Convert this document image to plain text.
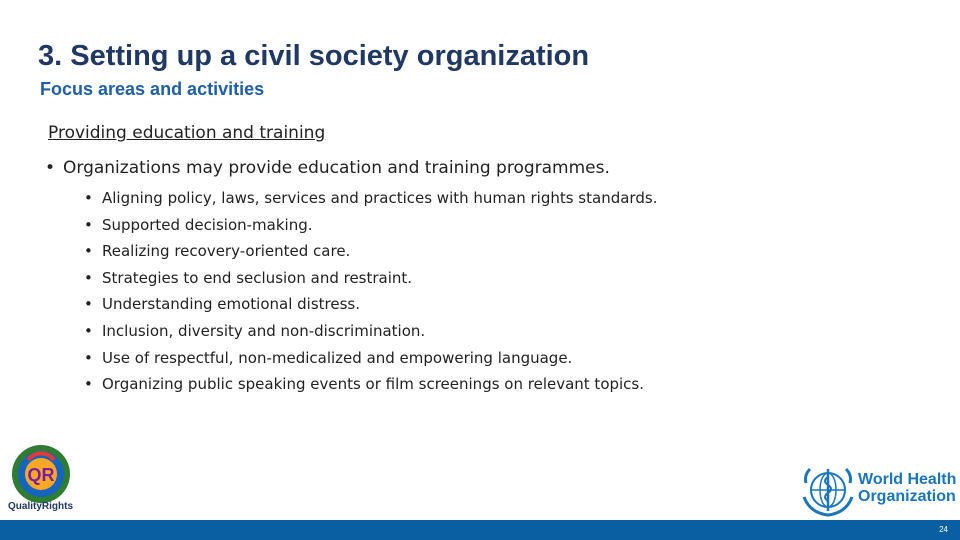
3. Setting up a civil society organization
Focus areas and activities
Providing education and training
• Organizations may provide education and training programmes.
• Aligning policy, laws, services and practices with human rights standards.
• Supported decision-making.
• Realizing recovery-oriented care.
• Strategies to end seclusion and restraint.
• Understanding emotional distress.
• Inclusion, diversity and non-discrimination.
• Use of respectful, non-medicalized and empowering language.
• Organizing public speaking events or film screenings on relevant topics.
QR
QualityRights
World Health
Organization
24
